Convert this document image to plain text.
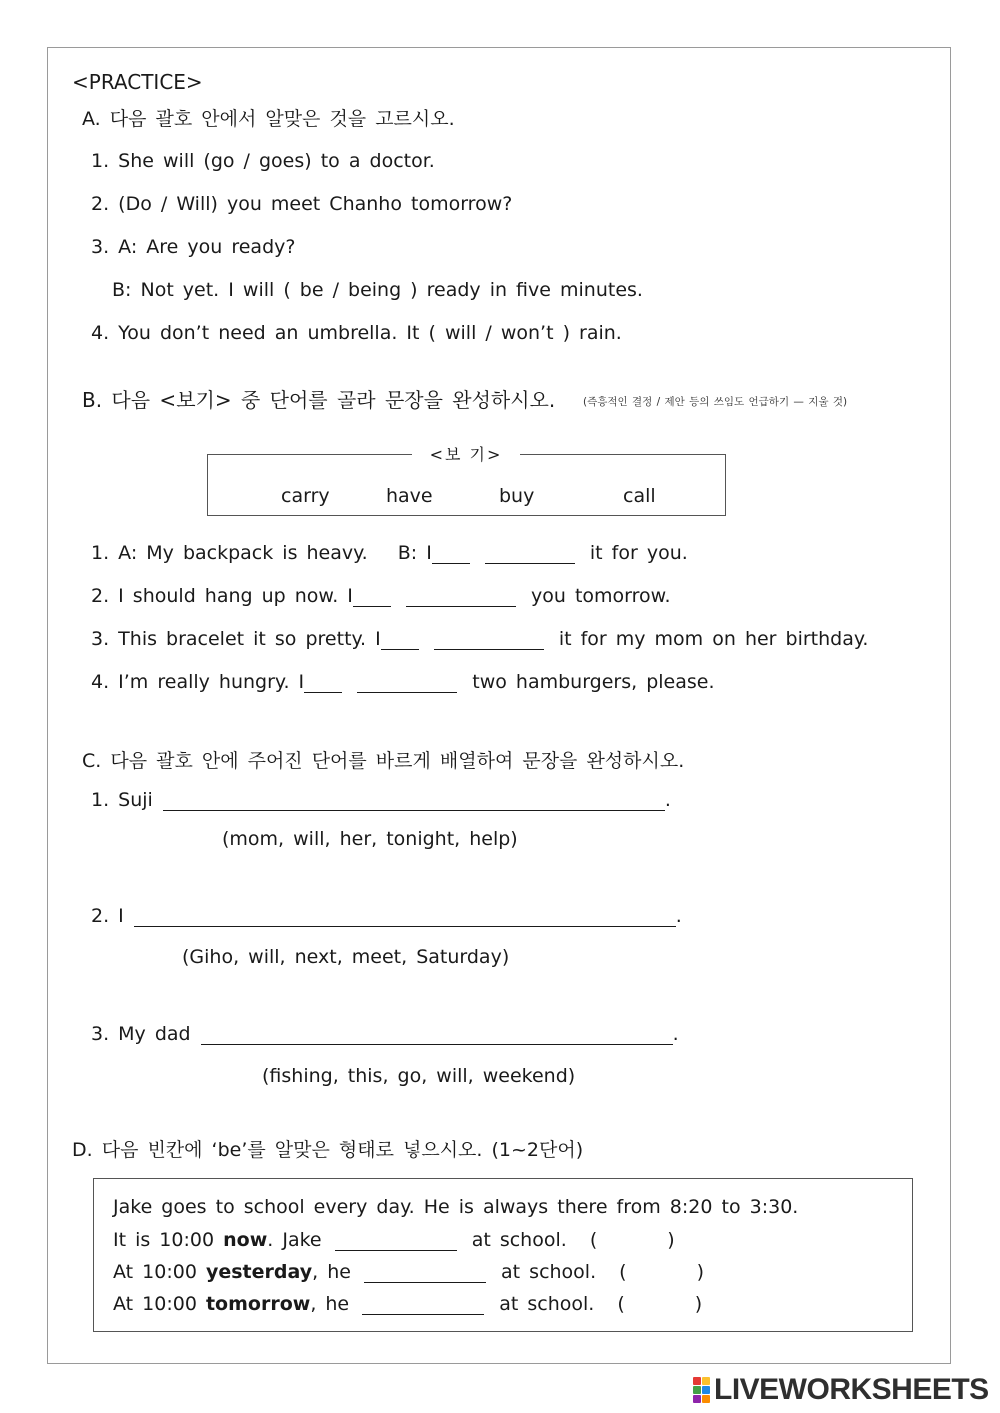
<PRACTICE>
A. 다음 괄호 안에서 알맞은 것을 고르시오.
1. She will (go / goes) to a doctor.
2. (Do / Will) you meet Chanho tomorrow?
3. A: Are you ready?
B: Not yet. I will ( be / being ) ready in five minutes.
4. You don’t need an umbrella. It ( will / won’t ) rain.
B. 다음 <보기> 중 단어를 골라 문장을 완성하시오.	(즉흥적인 결정 / 제안 등의 쓰임도 언급하기 — 지울 것)
<보 기>
carry	have	buy	call
1. A: My backpack is heavy. B: I	it for you.
2. I should hang up now. I	you tomorrow.
3. This bracelet it so pretty. I	it for my mom on her birthday.
4. I’m really hungry. I	two hamburgers, please.
C. 다음 괄호 안에 주어진 단어를 바르게 배열하여 문장을 완성하시오.
1. Suji	.
(mom, will, her, tonight, help)
2. I	.
(Giho, will, next, meet, Saturday)
3. My dad	.
(fishing, this, go, will, weekend)
D. 다음 빈칸에 ‘be’를 알맞은 형태로 넣으시오. (1~2단어)
Jake goes to school every day. He is always there from 8:20 to 3:30.
It is 10:00 now. Jake	at school. (	)
At 10:00 yesterday, he	at school. (	)
At 10:00 tomorrow, he	at school. (	)
LIVEWORKSHEETS
